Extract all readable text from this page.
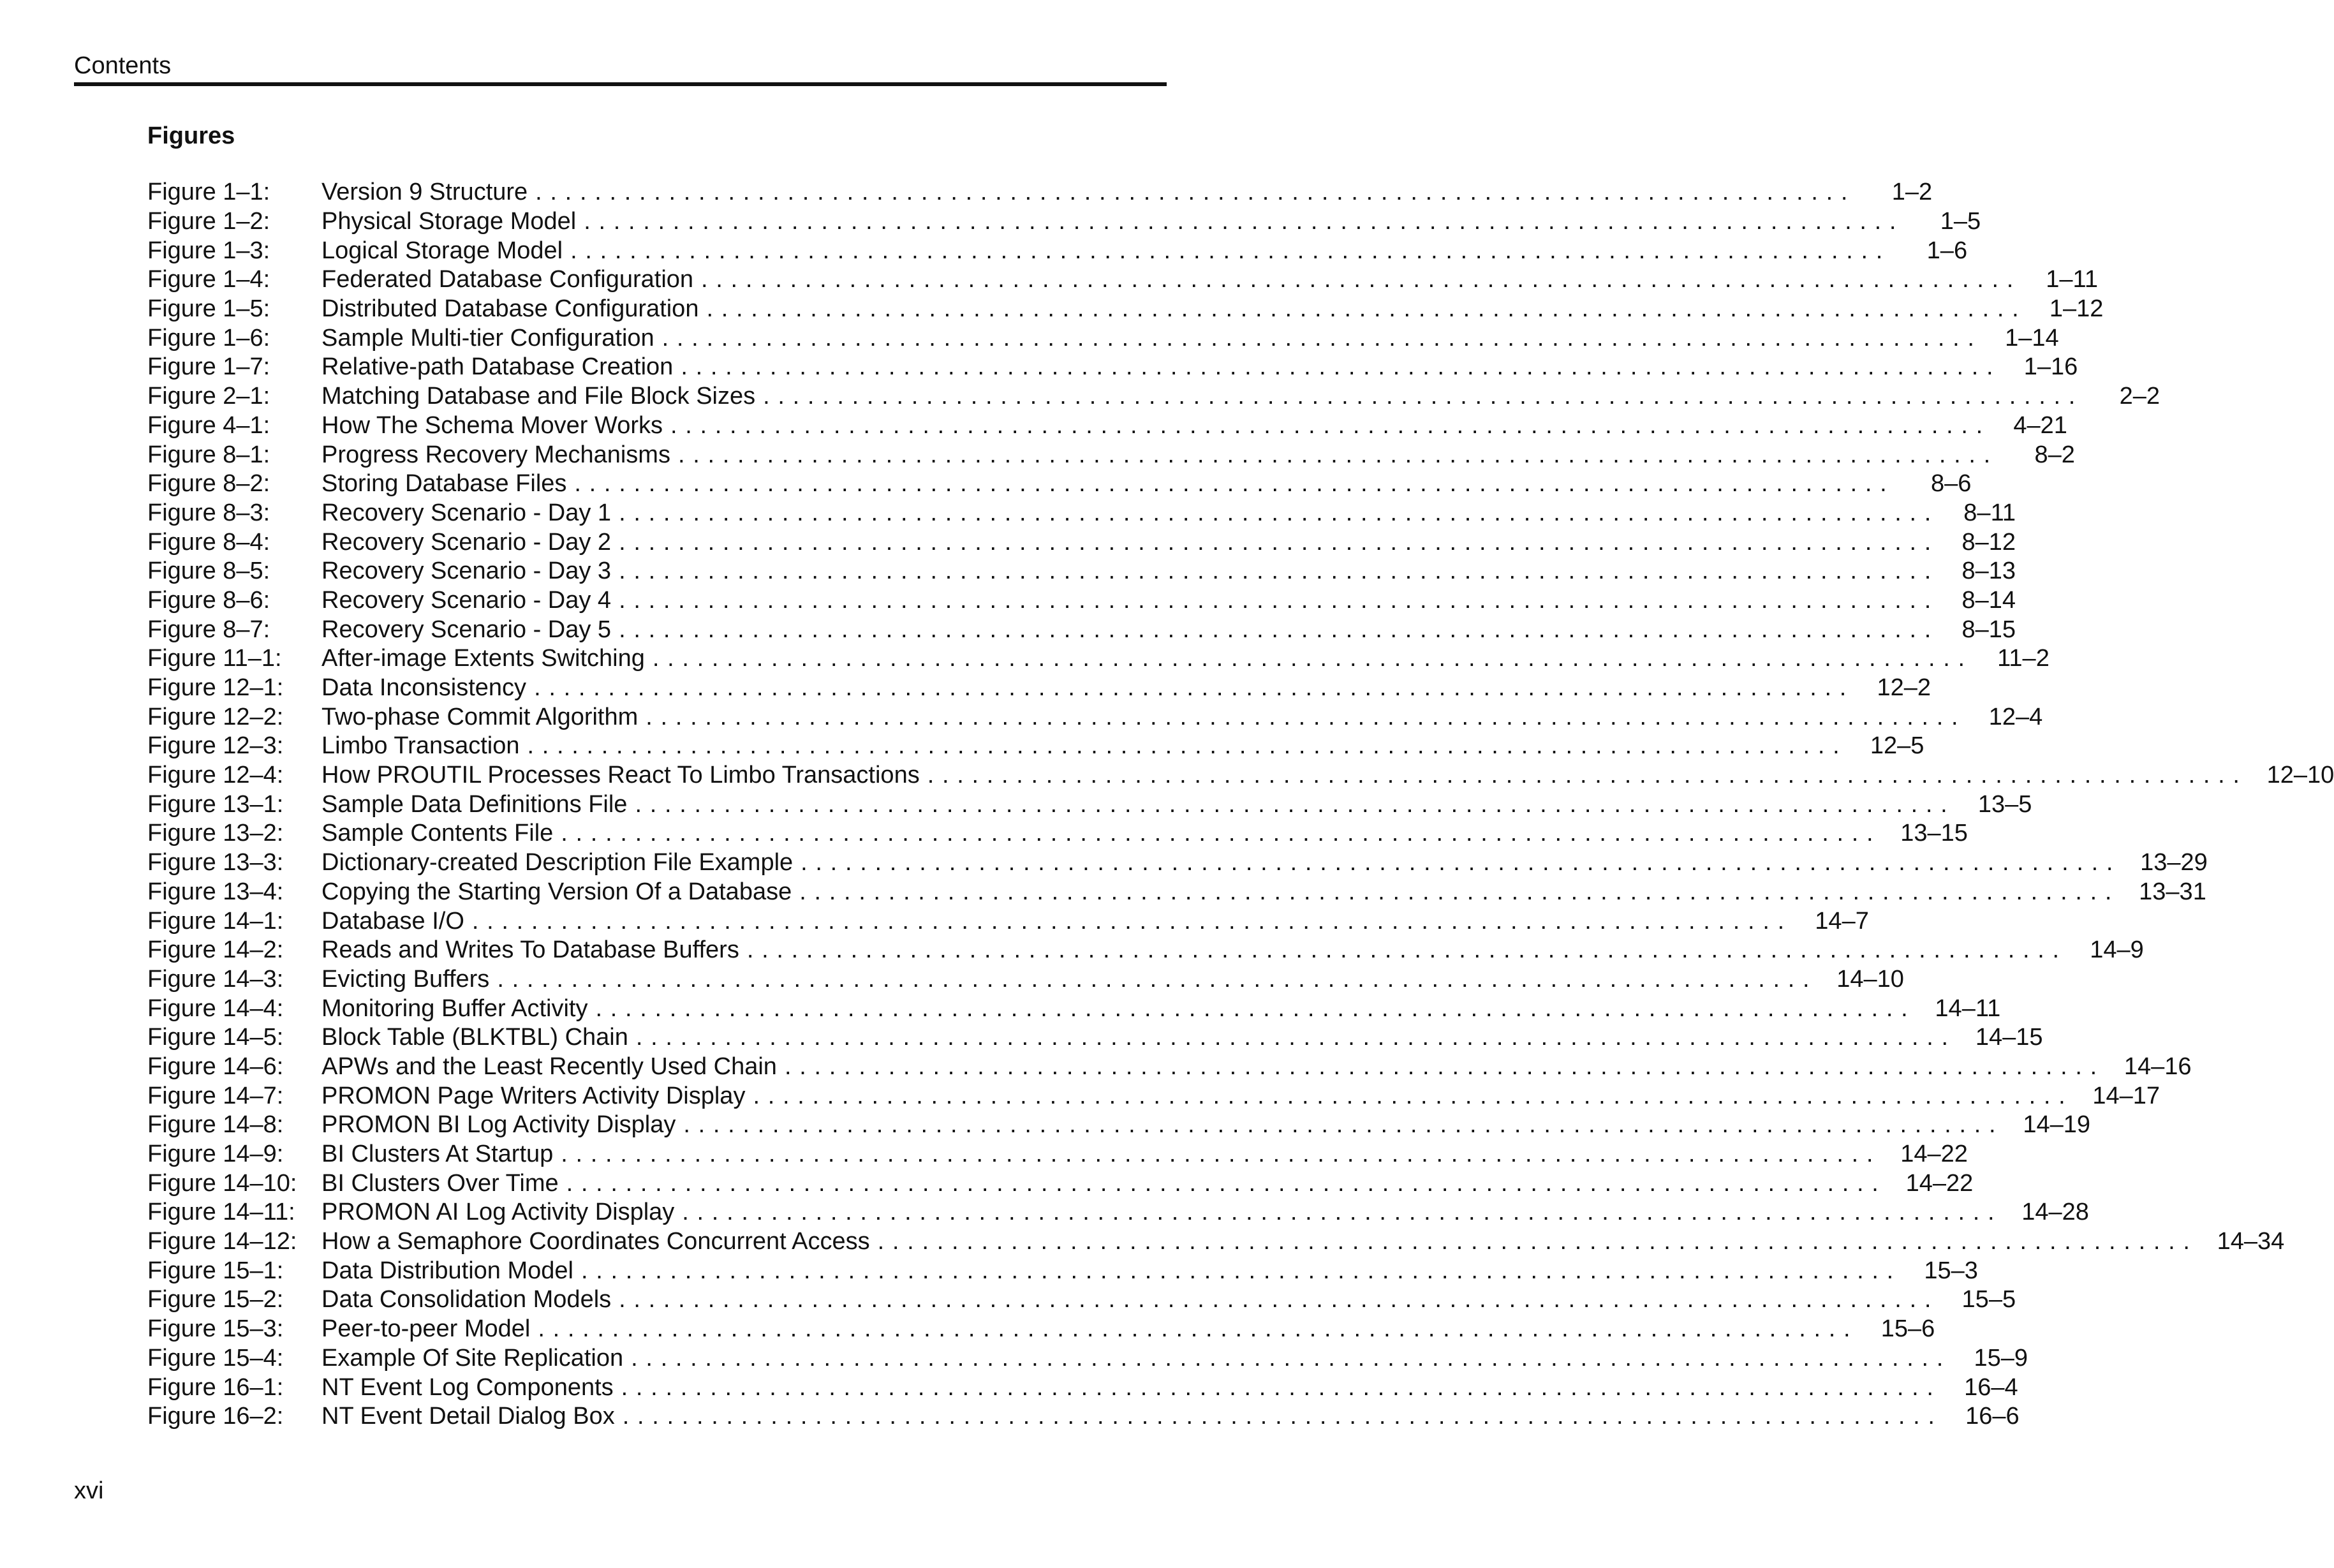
Contents
Figures
Figure 1–1:	Version 9 Structure .........................................................................................	1–2
Figure 1–2:	Physical Storage Model .........................................................................................	1–5
Figure 1–3:	Logical Storage Model .........................................................................................	1–6
Figure 1–4:	Federated Database Configuration ......................................................................................... 1–11
Figure 1–5:	Distributed Database Configuration ......................................................................................... 1–12
Figure 1–6:	Sample Multi-tier Configuration ......................................................................................... 1–14
Figure 1–7:	Relative-path Database Creation ......................................................................................... 1–16
Figure 2–1:	Matching Database and File Block Sizes .........................................................................................	2–2
Figure 4–1:	How The Schema Mover Works ......................................................................................... 4–21
Figure 8–1:	Progress Recovery Mechanisms .........................................................................................	8–2
Figure 8–2:	Storing Database Files .........................................................................................	8–6
Figure 8–3:	Recovery Scenario - Day 1 ......................................................................................... 8–11
Figure 8–4:	Recovery Scenario - Day 2 ......................................................................................... 8–12
Figure 8–5:	Recovery Scenario - Day 3 ......................................................................................... 8–13
Figure 8–6:	Recovery Scenario - Day 4 ......................................................................................... 8–14
Figure 8–7:	Recovery Scenario - Day 5 ......................................................................................... 8–15
Figure 11–1:	After-image Extents Switching ......................................................................................... 11–2
Figure 12–1:	Data Inconsistency ......................................................................................... 12–2
Figure 12–2:	Two-phase Commit Algorithm ......................................................................................... 12–4
Figure 12–3:	Limbo Transaction ......................................................................................... 12–5
Figure 12–4:	How PROUTIL Processes React To Limbo Transactions ......................................................................................... 12–10
Figure 13–1:	Sample Data Definitions File ......................................................................................... 13–5
Figure 13–2:	Sample Contents File ......................................................................................... 13–15
Figure 13–3:	Dictionary-created Description File Example ......................................................................................... 13–29
Figure 13–4:	Copying the Starting Version Of a Database ......................................................................................... 13–31
Figure 14–1:	Database I/O ......................................................................................... 14–7
Figure 14–2:	Reads and Writes To Database Buffers ......................................................................................... 14–9
Figure 14–3:	Evicting Buffers ......................................................................................... 14–10
Figure 14–4:	Monitoring Buffer Activity ......................................................................................... 14–11
Figure 14–5:	Block Table (BLKTBL) Chain ......................................................................................... 14–15
Figure 14–6:	APWs and the Least Recently Used Chain ......................................................................................... 14–16
Figure 14–7:	PROMON Page Writers Activity Display ......................................................................................... 14–17
Figure 14–8:	PROMON BI Log Activity Display ......................................................................................... 14–19
Figure 14–9:	BI Clusters At Startup ......................................................................................... 14–22
Figure 14–10:	BI Clusters Over Time ......................................................................................... 14–22
Figure 14–11:	PROMON AI Log Activity Display ......................................................................................... 14–28
Figure 14–12:	How a Semaphore Coordinates Concurrent Access ......................................................................................... 14–34
Figure 15–1:	Data Distribution Model ......................................................................................... 15–3
Figure 15–2:	Data Consolidation Models ......................................................................................... 15–5
Figure 15–3:	Peer-to-peer Model ......................................................................................... 15–6
Figure 15–4:	Example Of Site Replication ......................................................................................... 15–9
Figure 16–1:	NT Event Log Components ......................................................................................... 16–4
Figure 16–2:	NT Event Detail Dialog Box ......................................................................................... 16–6
xvi
